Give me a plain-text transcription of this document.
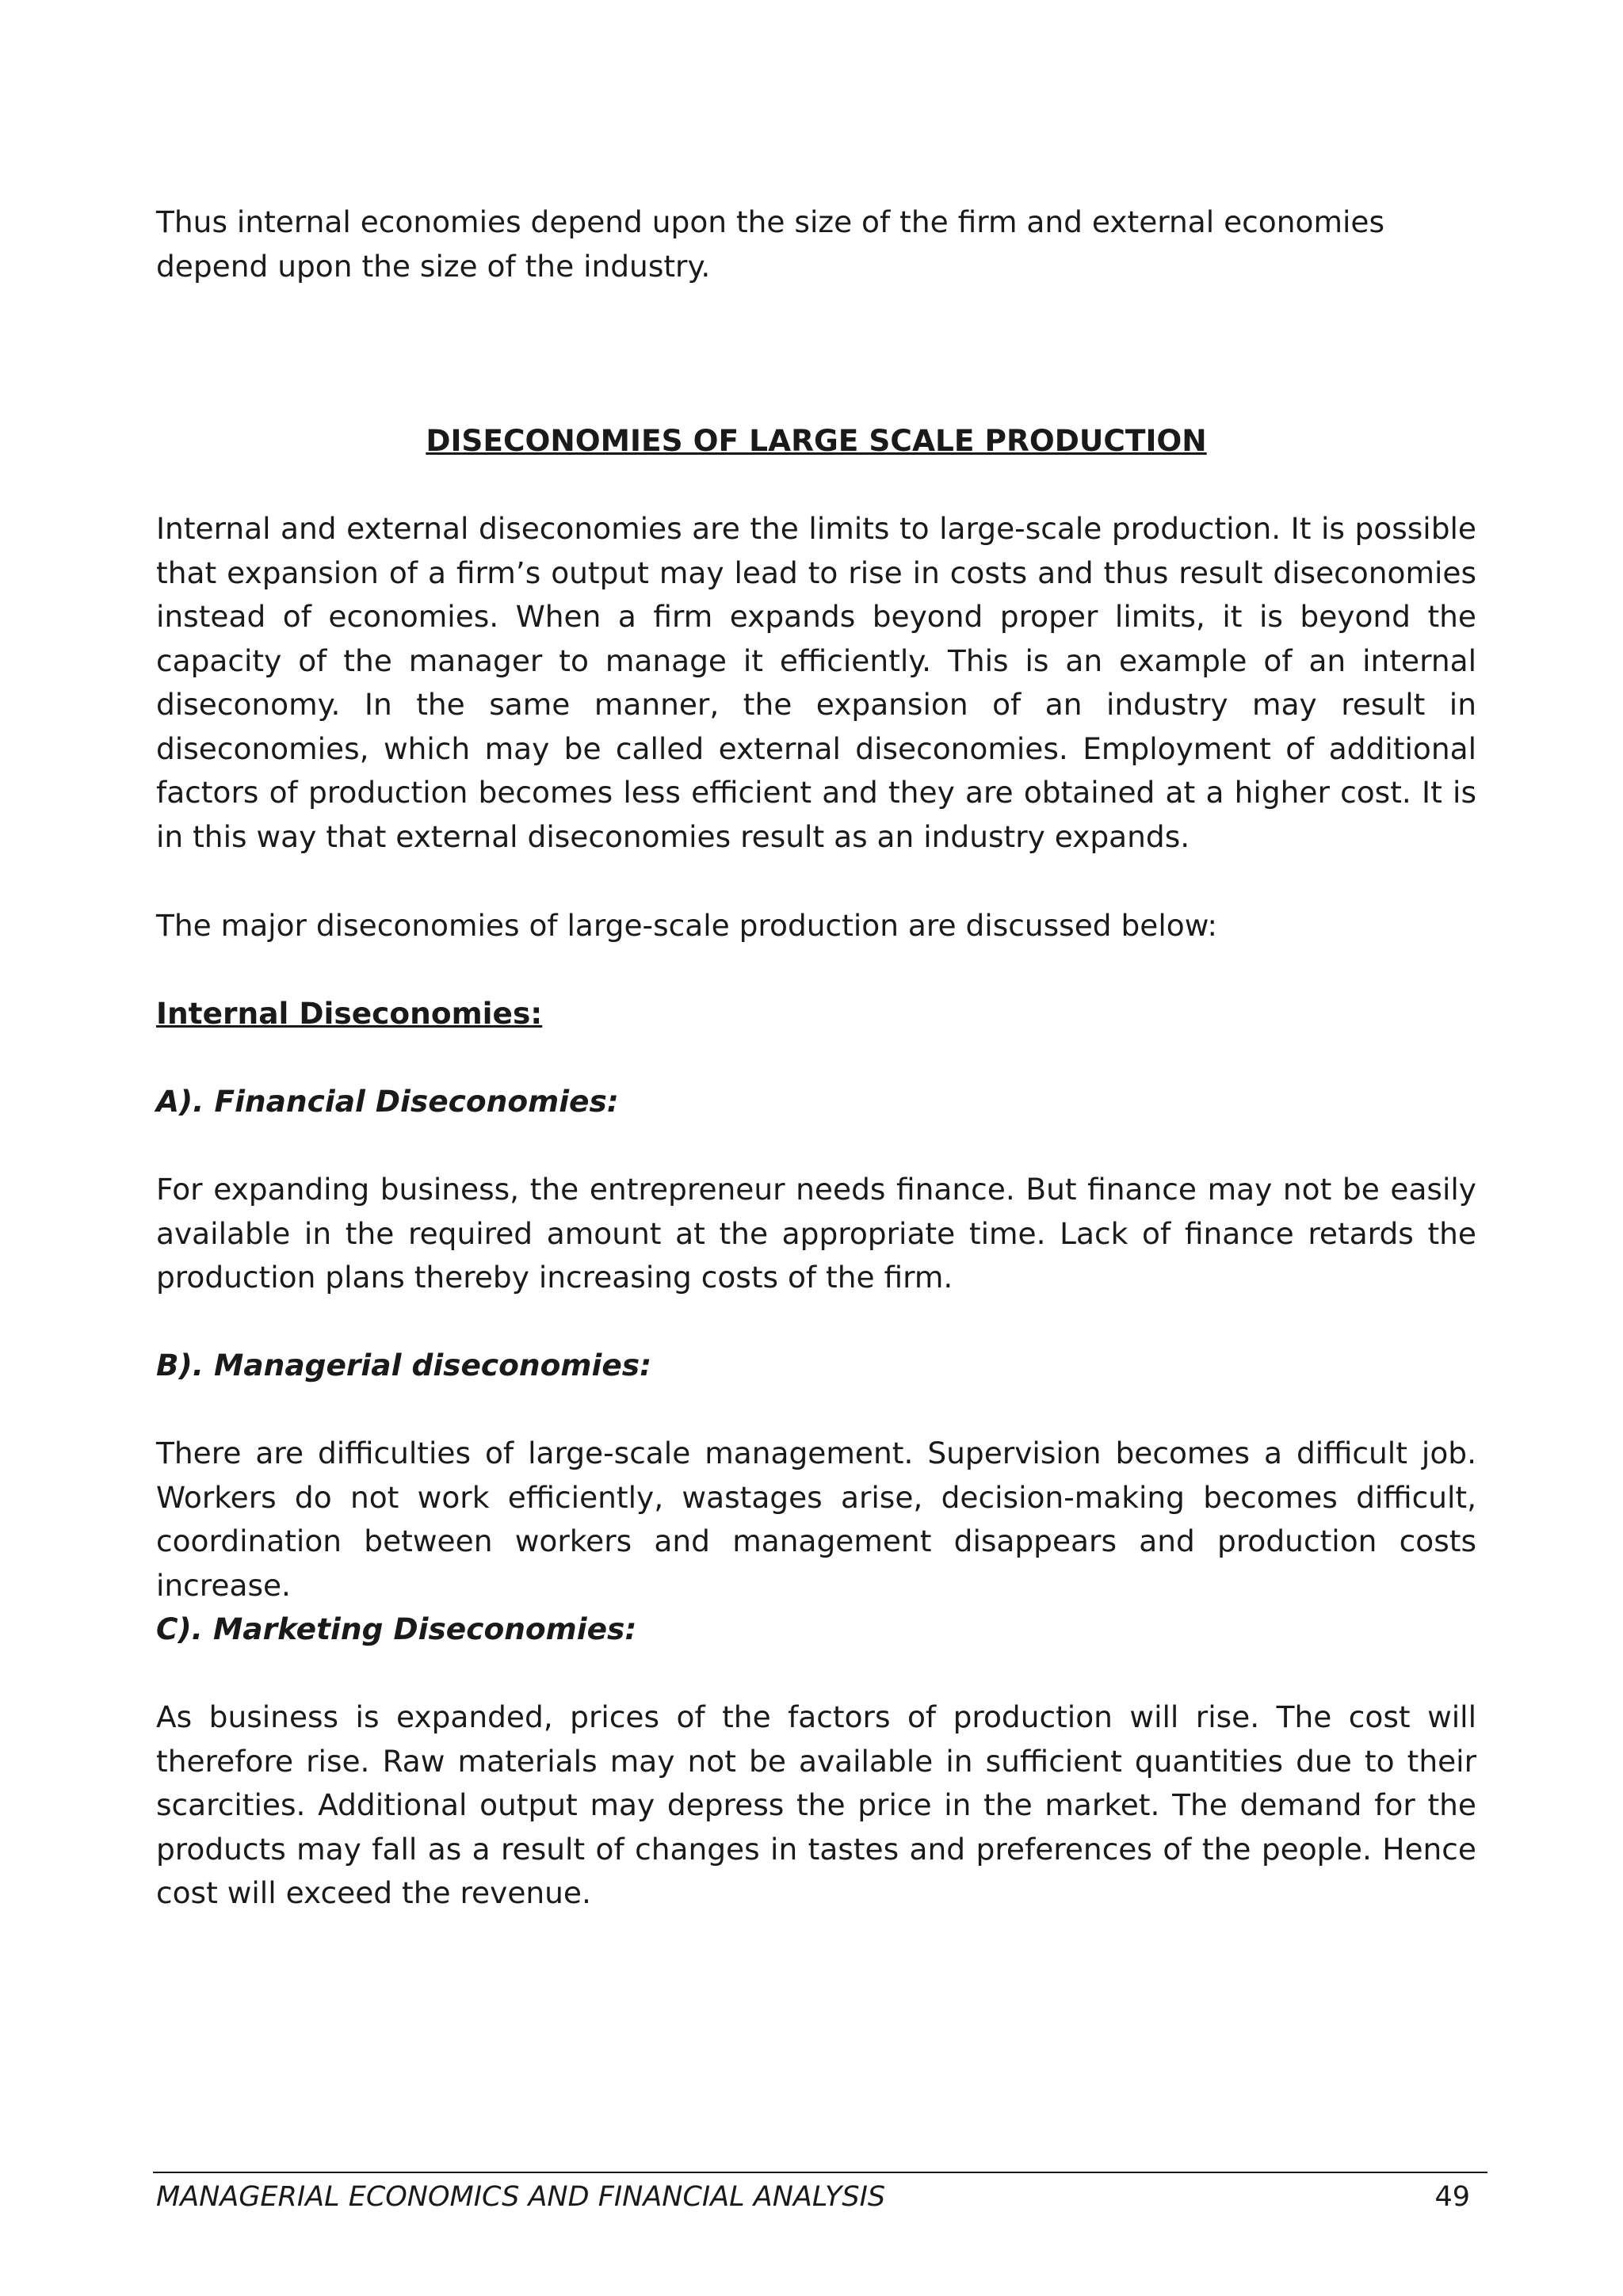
Thus internal economies depend upon the size of the firm and external economies depend upon the size of the industry.

DISECONOMIES OF LARGE SCALE PRODUCTION

Internal and external diseconomies are the limits to large-scale production. It is possible that expansion of a firm’s output may lead to rise in costs and thus result diseconomies instead of economies. When a firm expands beyond proper limits, it is beyond the capacity of the manager to manage it efficiently. This is an example of an internal diseconomy. In the same manner, the expansion of an industry may result in diseconomies, which may be called external diseconomies. Employment of additional factors of production becomes less efficient and they are obtained at a higher cost. It is in this way that external diseconomies result as an industry expands.

The major diseconomies of large-scale production are discussed below:

Internal Diseconomies:
A). Financial Diseconomies:

For expanding business, the entrepreneur needs finance. But finance may not be easily available in the required amount at the appropriate time. Lack of finance retards the production plans thereby increasing costs of the firm.

B). Managerial diseconomies:

There are difficulties of large-scale management. Supervision becomes a difficult job. Workers do not work efficiently, wastages arise, decision-making becomes difficult, coordination between workers and management disappears and production costs increase.

C). Marketing Diseconomies:

As business is expanded, prices of the factors of production will rise. The cost will therefore rise. Raw materials may not be available in sufficient quantities due to their scarcities. Additional output may depress the price in the market. The demand for the products may fall as a result of changes in tastes and preferences of the people. Hence cost will exceed the revenue.

MANAGERIAL ECONOMICS AND FINANCIAL ANALYSIS	49
